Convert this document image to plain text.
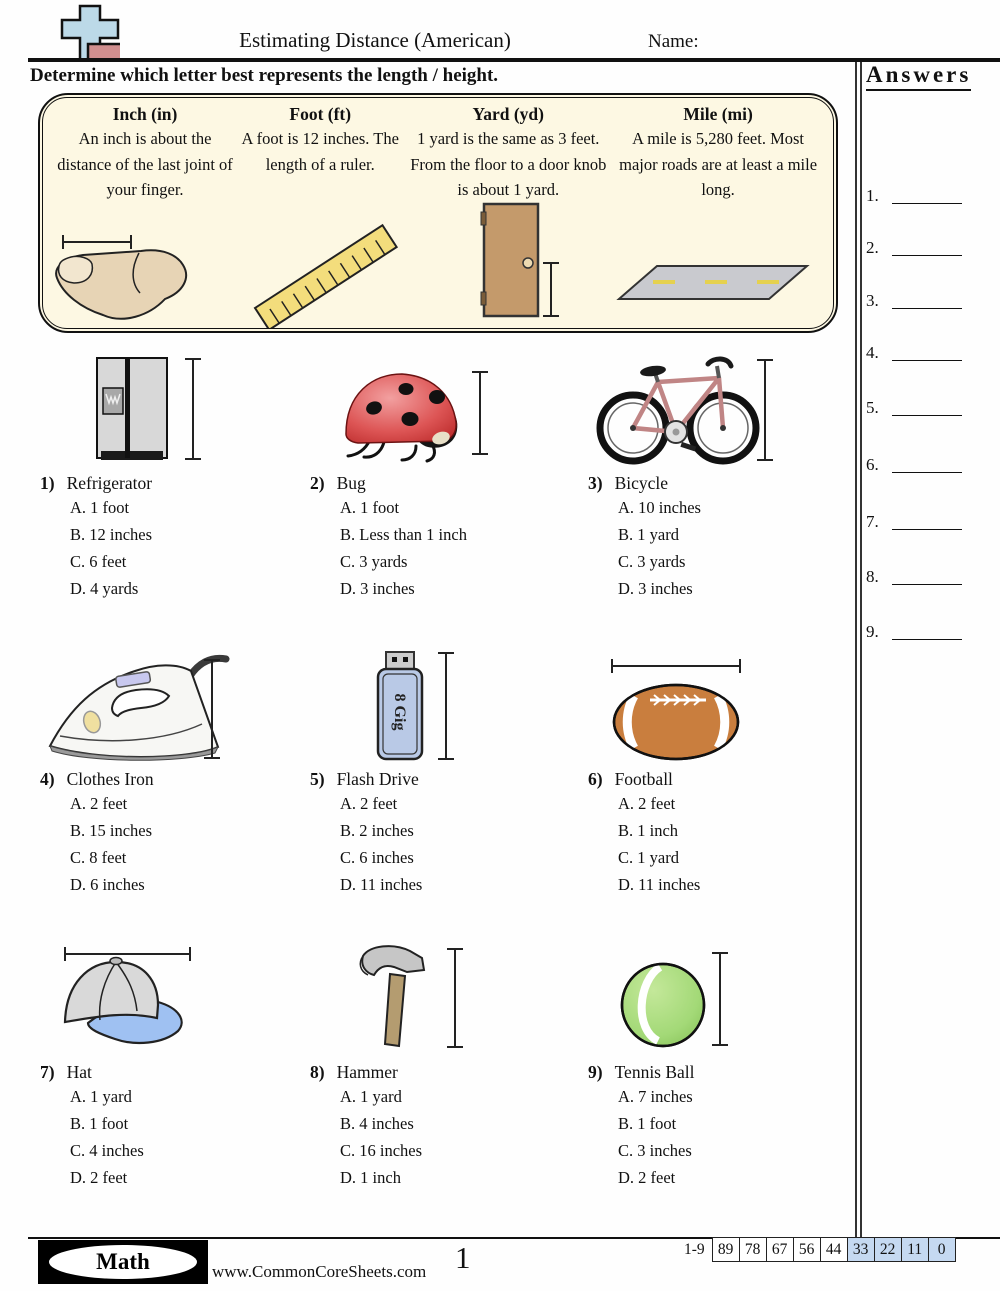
Estimating Distance (American)	Name:
Determine which letter best represents the length / height.	Answers
1.
2.
3.
4.
5.
6.
7.
8.
9.
Inch (in)
An inch is about the distance of the last joint of your finger.
Foot (ft)
A foot is 12 inches. The length of a ruler.
Yard (yd)
1 yard is the same as 3 feet. From the floor to a door knob is about 1 yard.
Mile (mi)
A mile is 5,280 feet. Most major roads are at least a mile long.
1) Refrigerator
A. 1 foot
B. 12 inches
C. 6 feet
D. 4 yards
2) Bug
A. 1 foot
B. Less than 1 inch
C. 3 yards
D. 3 inches
3) Bicycle
A. 10 inches
B. 1 yard
C. 3 yards
D. 3 inches
4) Clothes Iron
A. 2 feet
B. 15 inches
C. 8 feet
D. 6 inches
8 Gig
5) Flash Drive
A. 2 feet
B. 2 inches
C. 6 inches
D. 11 inches
6) Football
A. 2 feet
B. 1 inch
C. 1 yard
D. 11 inches
7) Hat
A. 1 yard
B. 1 foot
C. 4 inches
D. 2 feet
8) Hammer
A. 1 yard
B. 4 inches
C. 16 inches
D. 1 inch
9) Tennis Ball
A. 7 inches
B. 1 foot
C. 3 inches
D. 2 feet
Math	www.CommonCoreSheets.com 1	1-9 89 78 67 56 44 33 22 11	0
